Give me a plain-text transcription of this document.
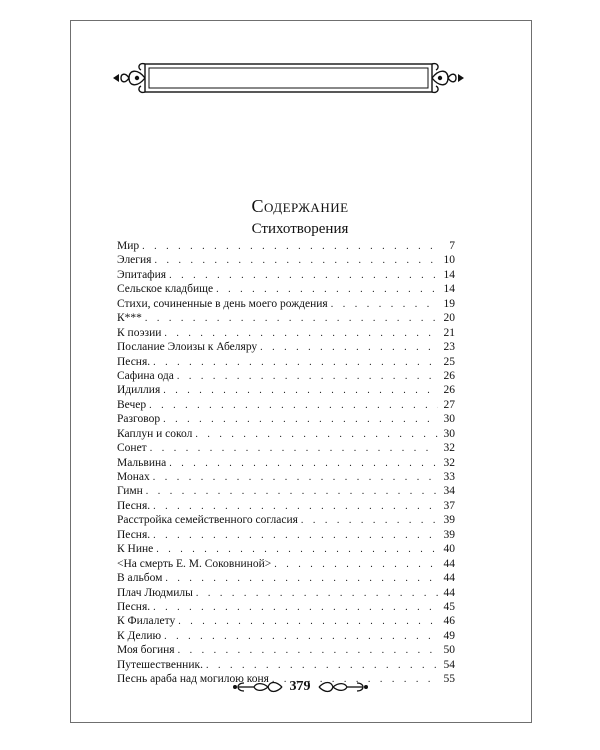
Содержание
Стихотворения
Мир . . .	7
Элегия . . .	10
Эпитафия . . .	14
Сельское кладбище . . .	14
Стихи, сочиненные в день моего рождения . . .	19
К*** . . .	20
К поэзии . . .	21
Послание Элоизы к Абеляру . . .	23
Песня. . . .	25
Сафина ода . . .	26
Идиллия . . .	26
Вечер . . .	27
Разговор . . .	30
Каплун и сокол . . .	30
Сонет . . .	32
Мальвина . . .	32
Монах . . .	33
Гимн . . .	34
Песня. . . .	37
Расстройка семейственного согласия . . .	39
Песня. . . .	39
К Нине . . .	40
<На смерть Е. М. Соковниной> . . .	44
В альбом . . .	44
Плач Людмилы . . .	44
Песня. . . .	45
К Филалету . . .	46
К Делию . . .	49
Моя богиня . . .	50
Путешественник. . . .	54
Песнь араба над могилою коня . . .	55
379
